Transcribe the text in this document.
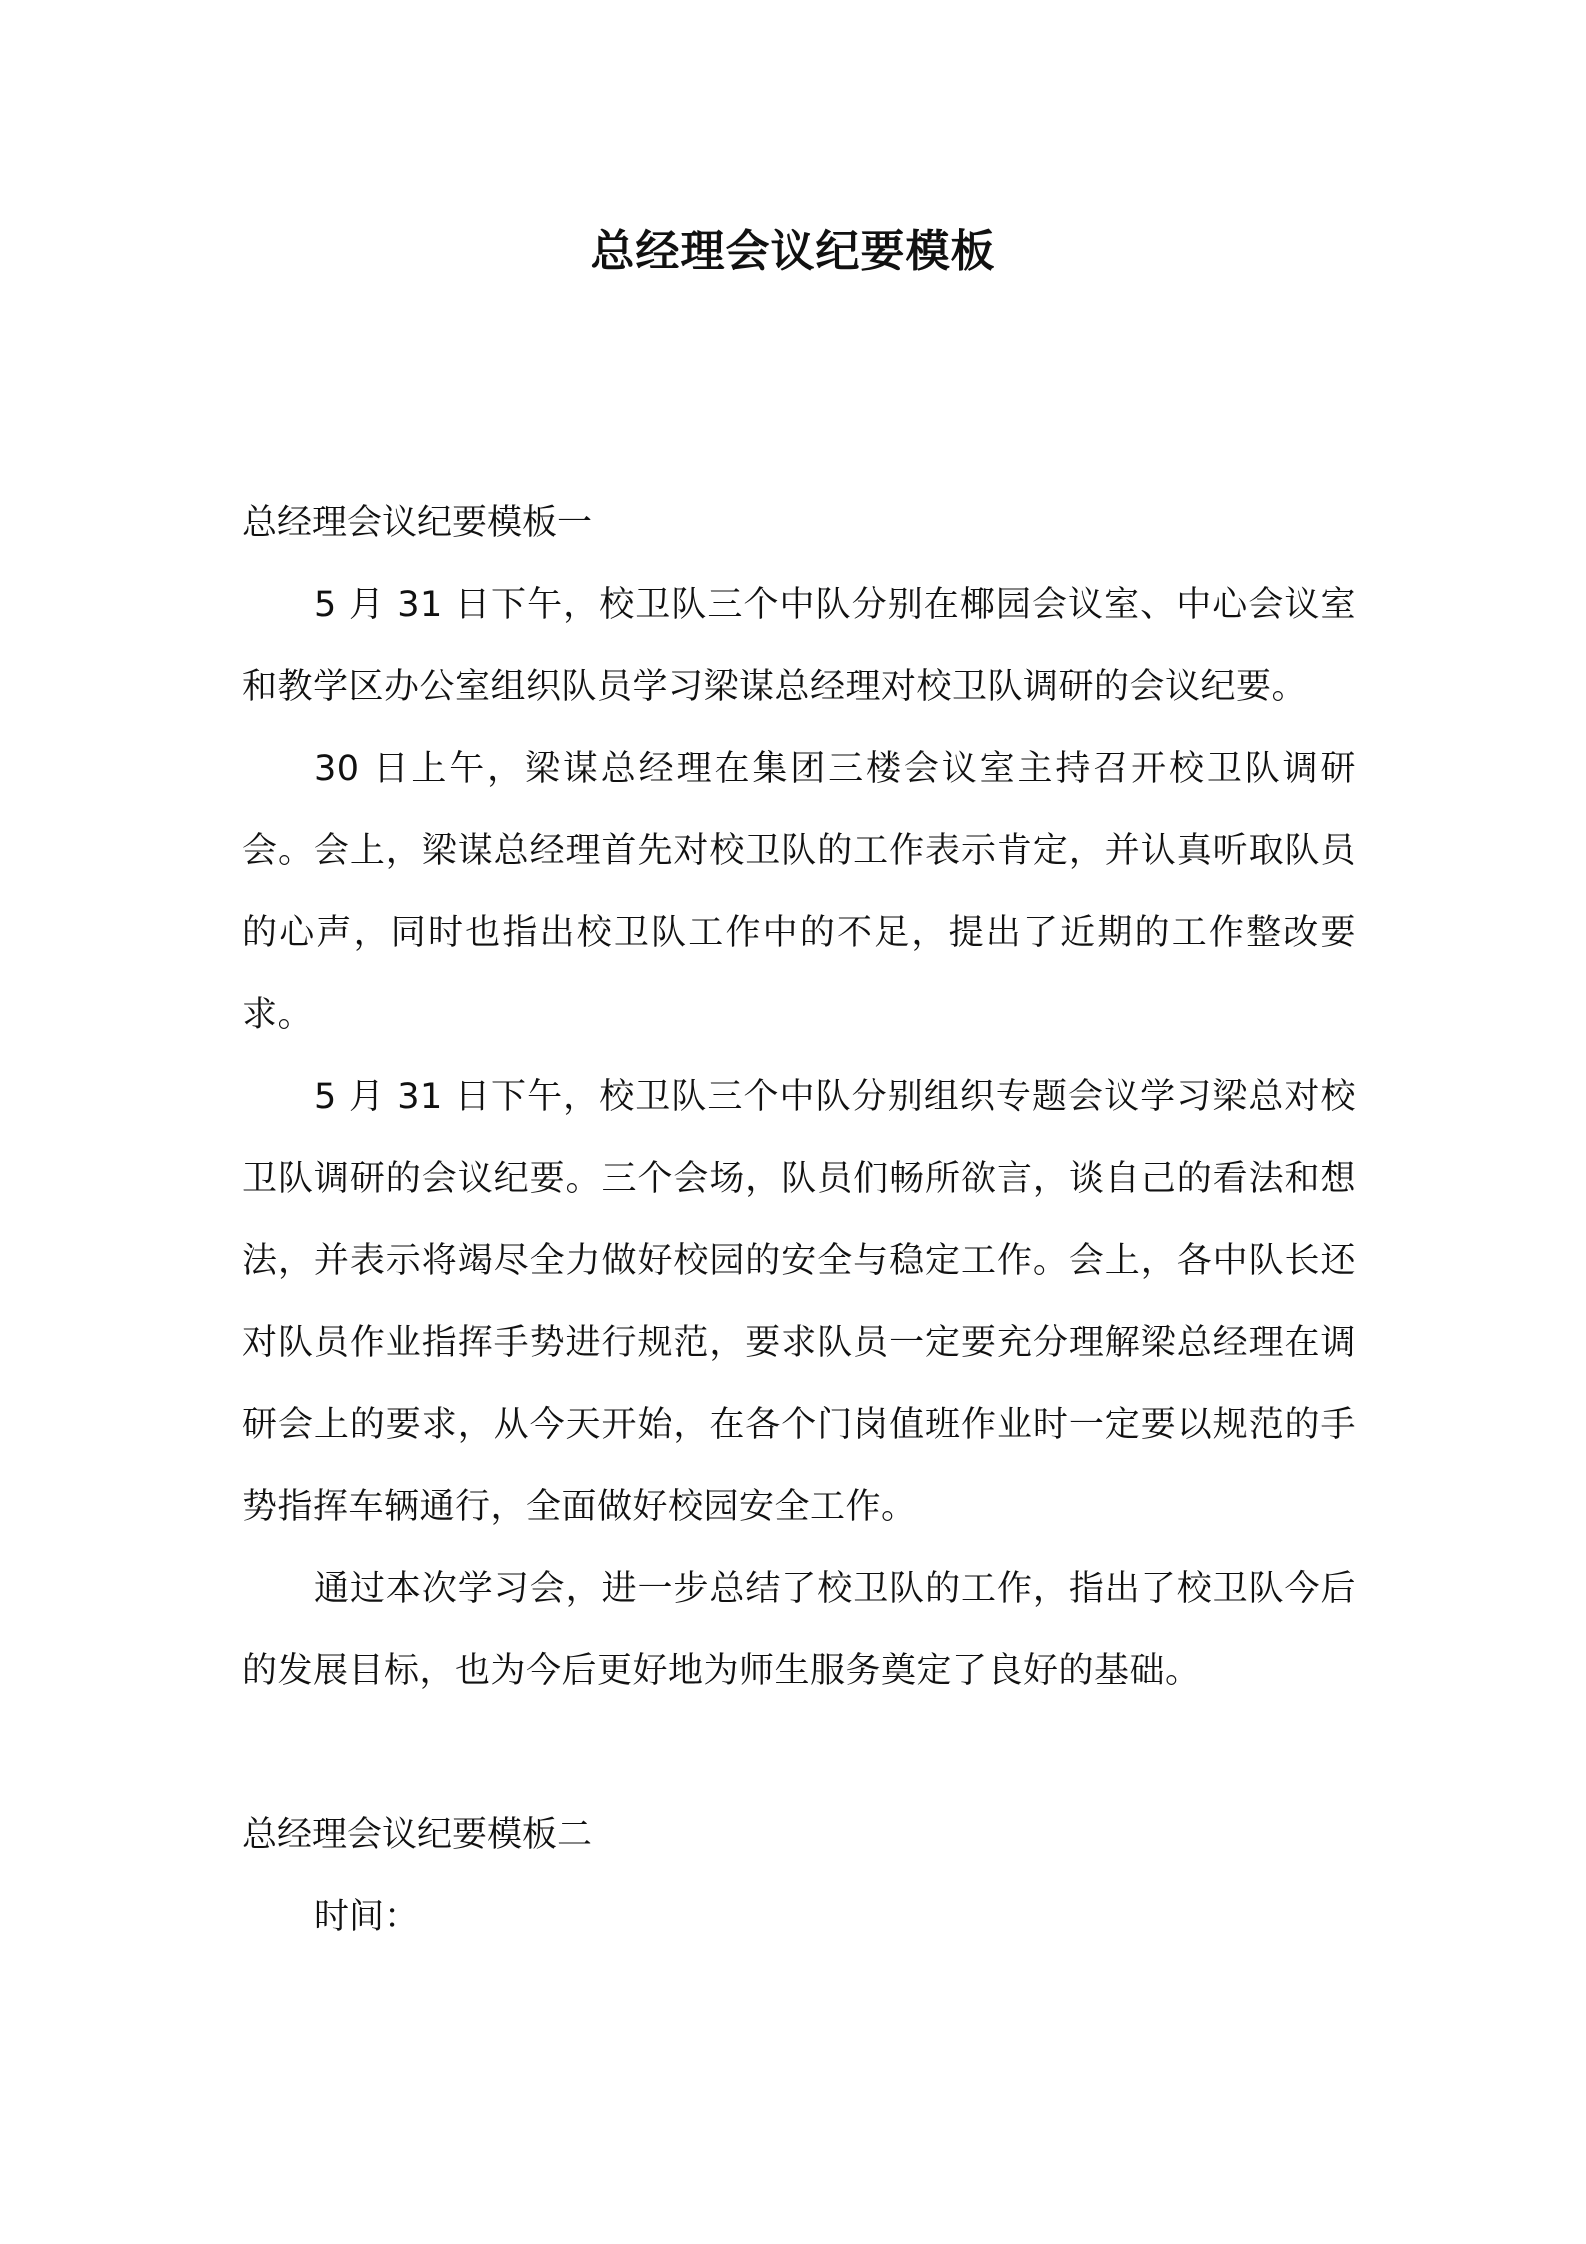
总经理会议纪要模板

总经理会议纪要模板一

5 月 31 日下午，校卫队三个中队分别在椰园会议室、中心会议室和教学区办公室组织队员学习梁谋总经理对校卫队调研的会议纪要。

30 日上午，梁谋总经理在集团三楼会议室主持召开校卫队调研会。会上，梁谋总经理首先对校卫队的工作表示肯定，并认真听取队员的心声，同时也指出校卫队工作中的不足，提出了近期的工作整改要求。

5 月 31 日下午，校卫队三个中队分别组织专题会议学习梁总对校卫队调研的会议纪要。三个会场，队员们畅所欲言，谈自己的看法和想法，并表示将竭尽全力做好校园的安全与稳定工作。会上，各中队长还对队员作业指挥手势进行规范，要求队员一定要充分理解梁总经理在调研会上的要求，从今天开始，在各个门岗值班作业时一定要以规范的手势指挥车辆通行，全面做好校园安全工作。

通过本次学习会，进一步总结了校卫队的工作，指出了校卫队今后的发展目标，也为今后更好地为师生服务奠定了良好的基础。

总经理会议纪要模板二

时间：
